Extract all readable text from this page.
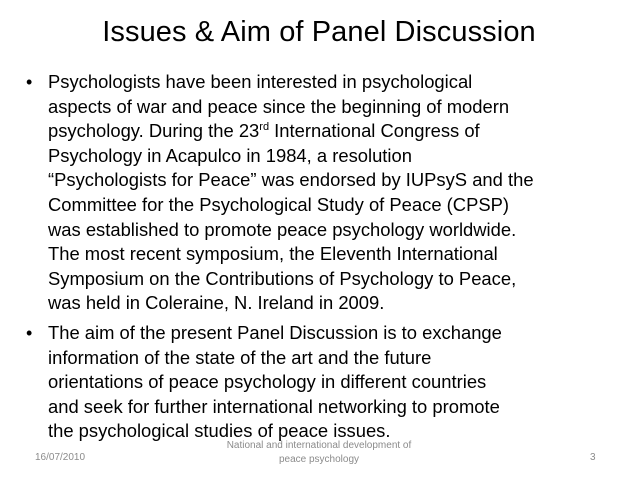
Issues & Aim of Panel Discussion
• Psychologists have been interested in psychological
aspects of war and peace since the beginning of modern
psychology. During the 23rd International Congress of
Psychology in Acapulco in 1984, a resolution
“Psychologists for Peace” was endorsed by IUPsyS and the
Committee for the Psychological Study of Peace (CPSP)
was established to promote peace psychology worldwide.
The most recent symposium, the Eleventh International
Symposium on the Contributions of Psychology to Peace,
was held in Coleraine, N. Ireland in 2009.
• The aim of the present Panel Discussion is to exchange
information of the state of the art and the future
orientations of peace psychology in different countries
and seek for further international networking to promote
the psychological studies of peace issues.
16/07/2010
National and international development of
peace psychology	3
